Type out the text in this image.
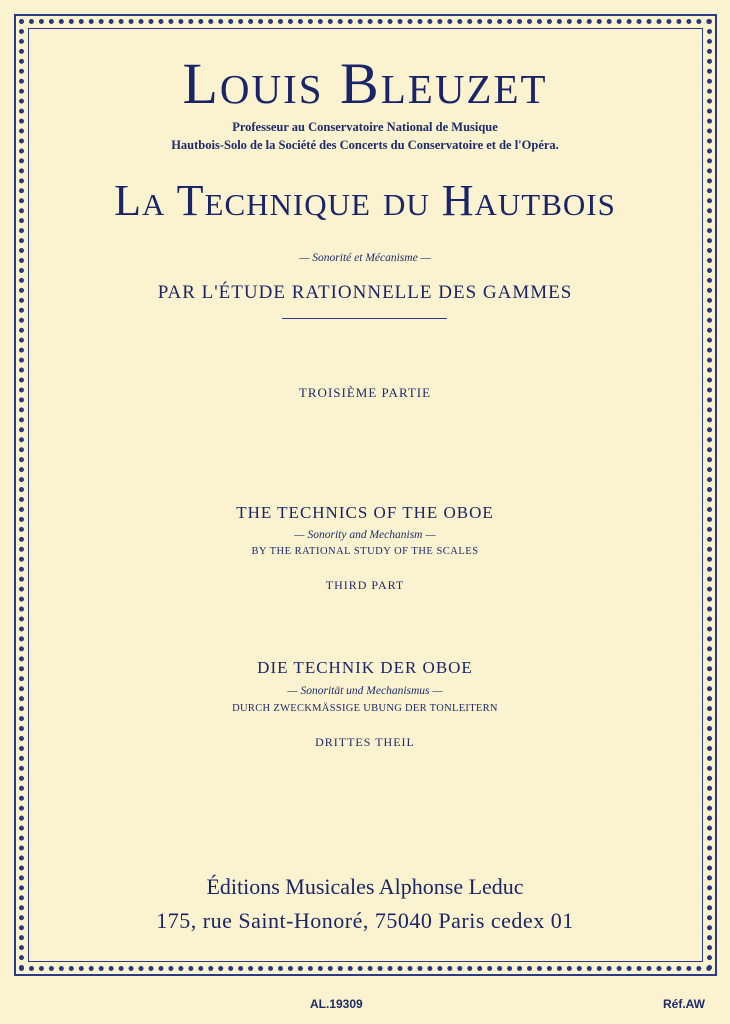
Louis Bleuzet
Professeur au Conservatoire National de Musique
Hautbois-Solo de la Société des Concerts du Conservatoire et de l'Opéra.
La Technique du Hautbois
— Sonorité et Mécanisme —
PAR L'ÉTUDE RATIONNELLE DES GAMMES
TROISIÈME PARTIE
THE TECHNICS OF THE OBOE
— Sonority and Mechanism —
BY THE RATIONAL STUDY OF THE SCALES
THIRD PART
DIE TECHNIK DER OBOE
— Sonorität und Mechanismus —
DURCH ZWECKMÄSSIGE UBUNG DER TONLEITERN
DRITTES THEIL
Éditions Musicales Alphonse Leduc
175, rue Saint-Honoré, 75040 Paris cedex 01
AL.19309	Réf.AW
